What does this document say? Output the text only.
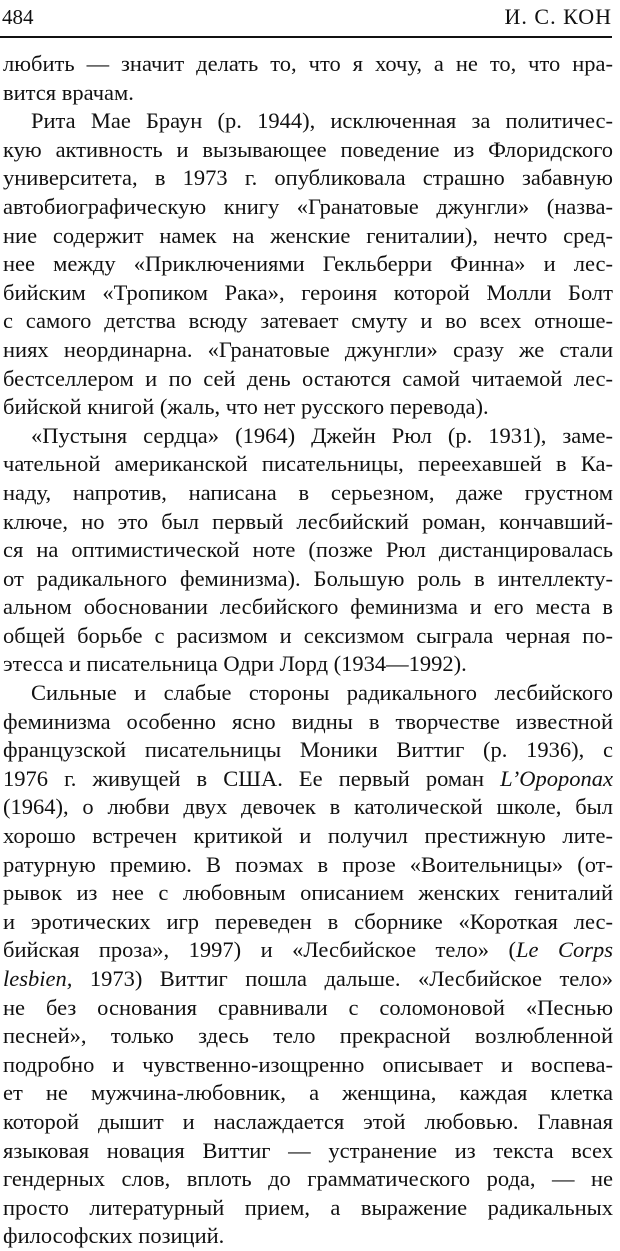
484	И. С. КОН
любить — значит делать то, что я хочу, а не то, что нра-
вится врачам.
Рита Мае Браун (р. 1944), исключенная за политичес-
кую активность и вызывающее поведение из Флоридского
университета, в 1973 г. опубликовала страшно забавную
автобиографическую книгу «Гранатовые джунгли» (назва-
ние содержит намек на женские гениталии), нечто сред-
нее между «Приключениями Гекльберри Финна» и лес-
бийским «Тропиком Рака», героиня которой Молли Болт
с самого детства всюду затевает смуту и во всех отноше-
ниях неординарна. «Гранатовые джунгли» сразу же стали
бестселлером и по сей день остаются самой читаемой лес-
бийской книгой (жаль, что нет русского перевода).
«Пустыня сердца» (1964) Джейн Рюл (р. 1931), заме-
чательной американской писательницы, переехавшей в Ка-
наду, напротив, написана в серьезном, даже грустном
ключе, но это был первый лесбийский роман, кончавший-
ся на оптимистической ноте (позже Рюл дистанцировалась
от радикального феминизма). Большую роль в интеллекту-
альном обосновании лесбийского феминизма и его места в
общей борьбе с расизмом и сексизмом сыграла черная по-
этесса и писательница Одри Лорд (1934—1992).
Сильные и слабые стороны радикального лесбийского
феминизма особенно ясно видны в творчестве известной
французской писательницы Моники Виттиг (р. 1936), с
1976 г. живущей в США. Ее первый роман L’Opoponax
(1964), о любви двух девочек в католической школе, был
хорошо встречен критикой и получил престижную лите-
ратурную премию. В поэмах в прозе «Воительницы» (от-
рывок из нее с любовным описанием женских гениталий
и эротических игр переведен в сборнике «Короткая лес-
бийская проза», 1997) и «Лесбийское тело» (Le Corps
lesbien, 1973) Виттиг пошла дальше. «Лесбийское тело»
не без основания сравнивали с соломоновой «Песнью
песней», только здесь тело прекрасной возлюбленной
подробно и чувственно-изощренно описывает и воспева-
ет не мужчина-любовник, а женщина, каждая клетка
которой дышит и наслаждается этой любовью. Главная
языковая новация Виттиг — устранение из текста всех
гендерных слов, вплоть до грамматического рода, — не
просто литературный прием, а выражение радикальных
философских позиций.
